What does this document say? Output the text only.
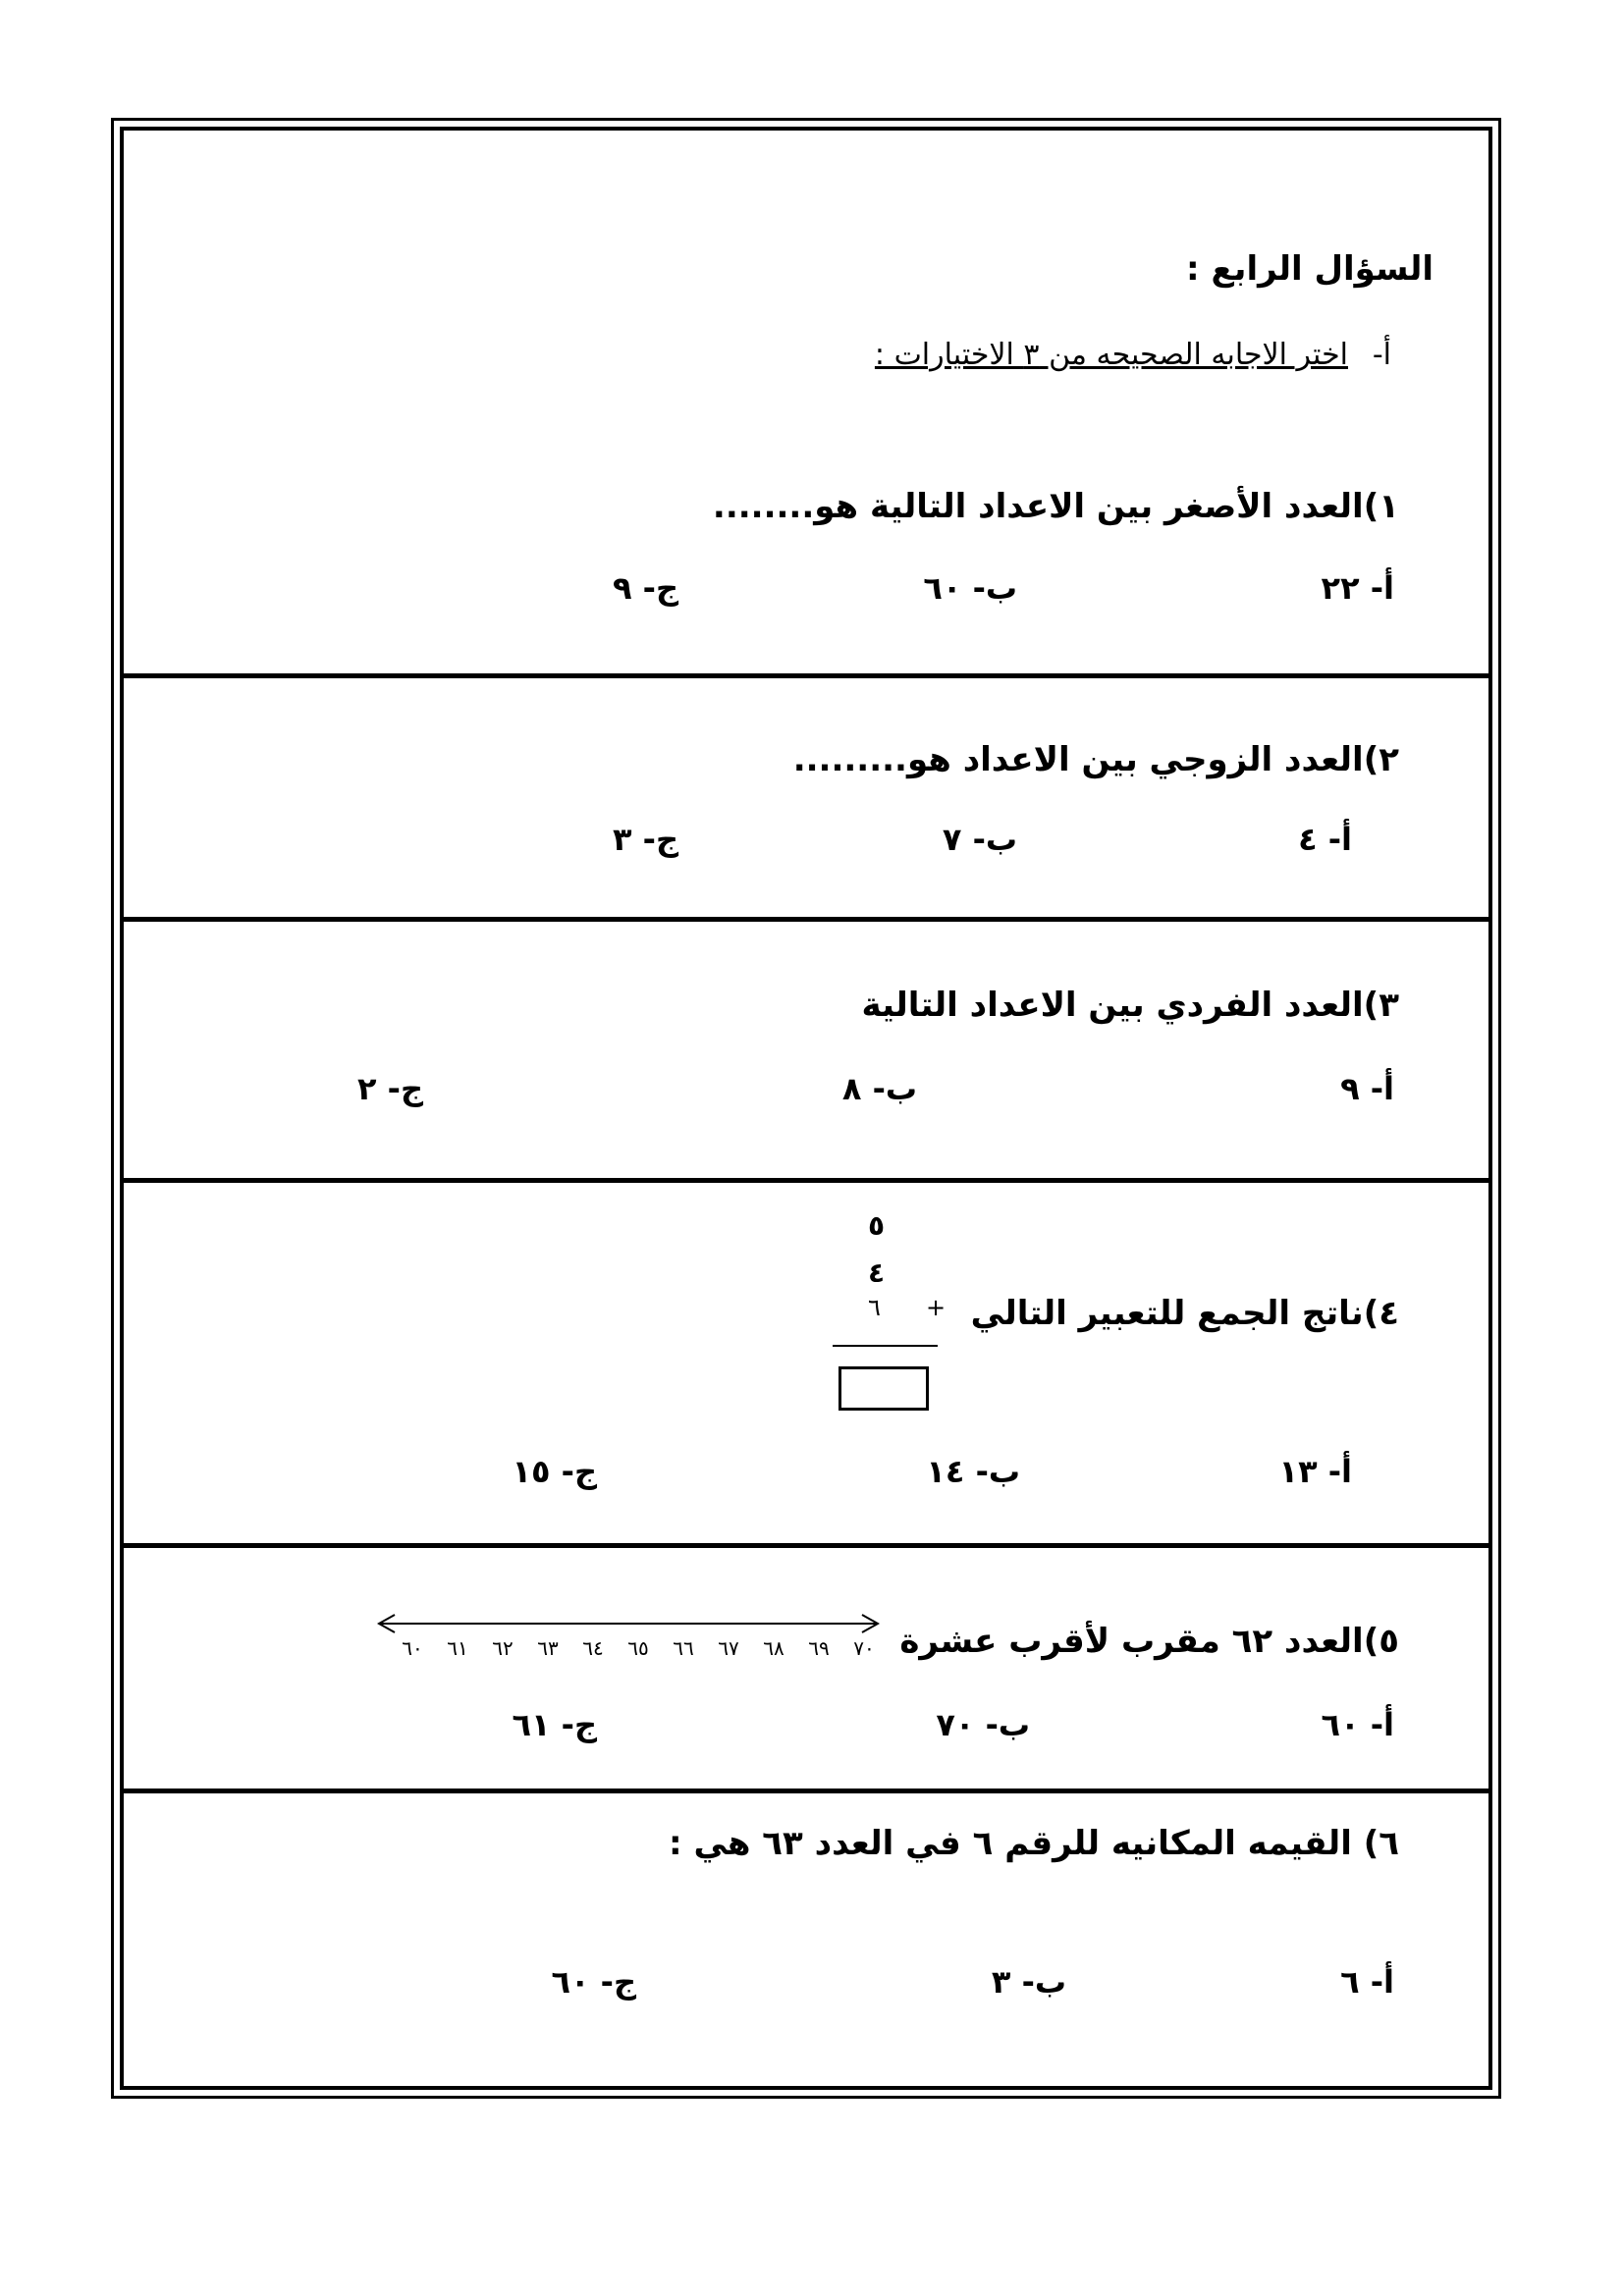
السؤال الرابع :
أ-
اختر الاجابه الصحيحه من ٣ الاختيارات :
١)العدد الأصغر بين الاعداد التالية هو........
أ- ٢٢
ب- ٦٠
ج- ٩
٢)العدد الزوجي بين الاعداد هو.........
أ- ٤
ب- ٧
ج- ٣
٣)العدد الفردي بين الاعداد التالية
أ- ٩
ب- ٨
ج- ٢
٥
٤
٦ + ٤)ناتج الجمع للتعبير التالي
أ- ١٣
ب- ١٤
ج- ١٥
٧٠
٦٩
٦٨
٦٧
٦٦
٦٥
٦٤
٦٣
٦٢
٦١
٦٠	٥)العدد ٦٢ مقرب لأقرب عشرة
أ- ٦٠
ب- ٧٠
ج- ٦١
٦) القيمه المكانيه للرقم ٦ في العدد ٦٣ هي :
أ- ٦
ب- ٣
ج- ٦٠
